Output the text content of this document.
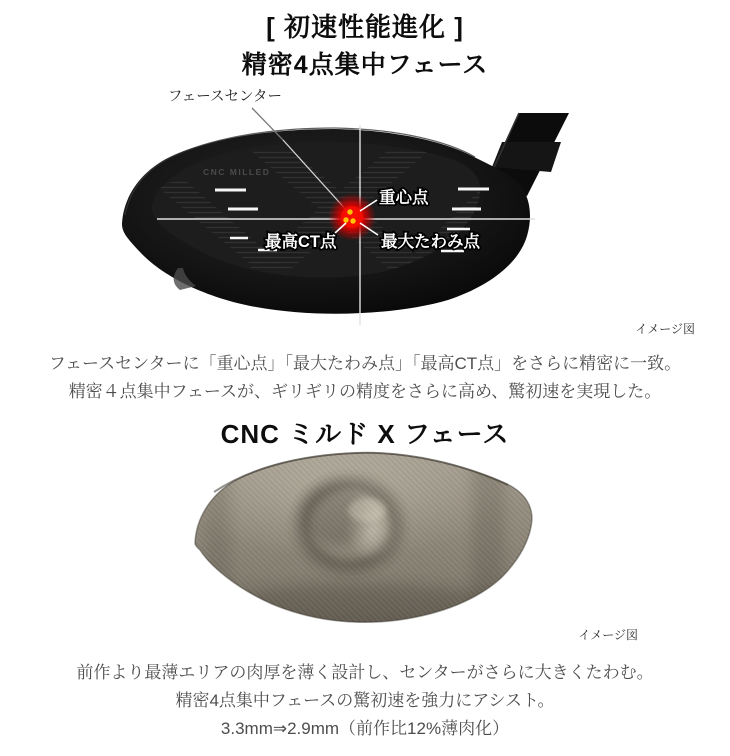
[ 初速性能進化 ]
精密4点集中フェース
CNC MILLED
フェースセンター
重心点
最高CT点	最大たわみ点
イメージ図
フェースセンターに「重心点」「最大たわみ点」「最高CT点」をさらに精密に一致。
精密４点集中フェースが、ギリギリの精度をさらに高め、驚初速を実現した。
CNC ミルド X フェース
イメージ図
前作より最薄エリアの肉厚を薄く設計し、センターがさらに大きくたわむ。
精密4点集中フェースの驚初速を強力にアシスト。
3.3mm⇒2.9mm（前作比12%薄肉化）
